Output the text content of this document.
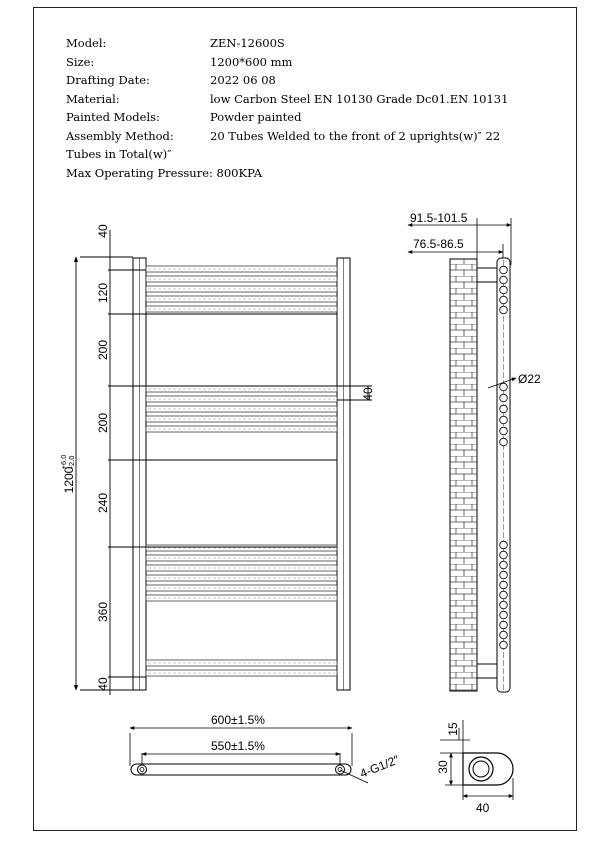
Model:	ZEN-12600S
Size:	1200*600 mm
Drafting Date:	2022 06 08
Material:	low Carbon Steel EN 10130 Grade Dc01.EN 10131
Painted Models:	Powder painted
Assembly Method:	20 Tubes Welded to the front of 2 uprights(w)″ 22
Tubes in Total(w)″
Max Operating Pressure: 800KPA
40
120
200
200
240
360
40
1200
+6.0 -2.0
40
91.5-101.5
76.5-86.5
Ø22
600±1.5%
550±1.5%
4-G1/2″
15
30
40
